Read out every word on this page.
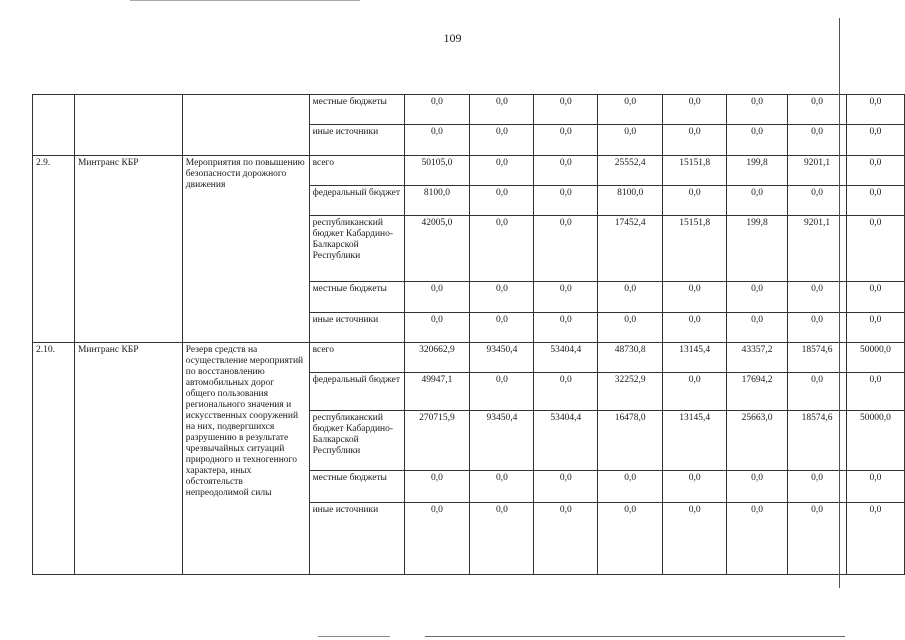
109
			местные бюджеты	0,0	0,0	0,0	0,0	0,0	0,0	0,0	0,0
			иные источники	0,0	0,0	0,0	0,0	0,0	0,0	0,0	0,0
2.9.	Минтранс КБР	Мероприятия по повышению безопасности дорожного движения	всего	50105,0	0,0	0,0	25552,4	15151,8	199,8	9201,1	0,0
			федеральный бюджет	8100,0	0,0	0,0	8100,0	0,0	0,0	0,0	0,0
			республиканский бюджет Кабардино-Балкарской Республики	42005,0	0,0	0,0	17452,4	15151,8	199,8	9201,1	0,0
			местные бюджеты	0,0	0,0	0,0	0,0	0,0	0,0	0,0	0,0
			иные источники	0,0	0,0	0,0	0,0	0,0	0,0	0,0	0,0
2.10.	Минтранс КБР	Резерв средств на осуществление мероприятий по восстановлению автомобильных дорог общего пользования регионального значения и искусственных сооружений на них, подвергшихся разрушению в результате чрезвычайных ситуаций природного и техногенного характера, иных обстоятельств непреодолимой силы	всего	320662,9	93450,4	53404,4	48730,8	13145,4	43357,2	18574,6	50000,0
			федеральный бюджет	49947,1	0,0	0,0	32252,9	0,0	17694,2	0,0	0,0
			республиканский бюджет Кабардино-Балкарской Республики	270715,9	93450,4	53404,4	16478,0	13145,4	25663,0	18574,6	50000,0
			местные бюджеты	0,0	0,0	0,0	0,0	0,0	0,0	0,0	0,0
			иные источники	0,0	0,0	0,0	0,0	0,0	0,0	0,0	0,0
